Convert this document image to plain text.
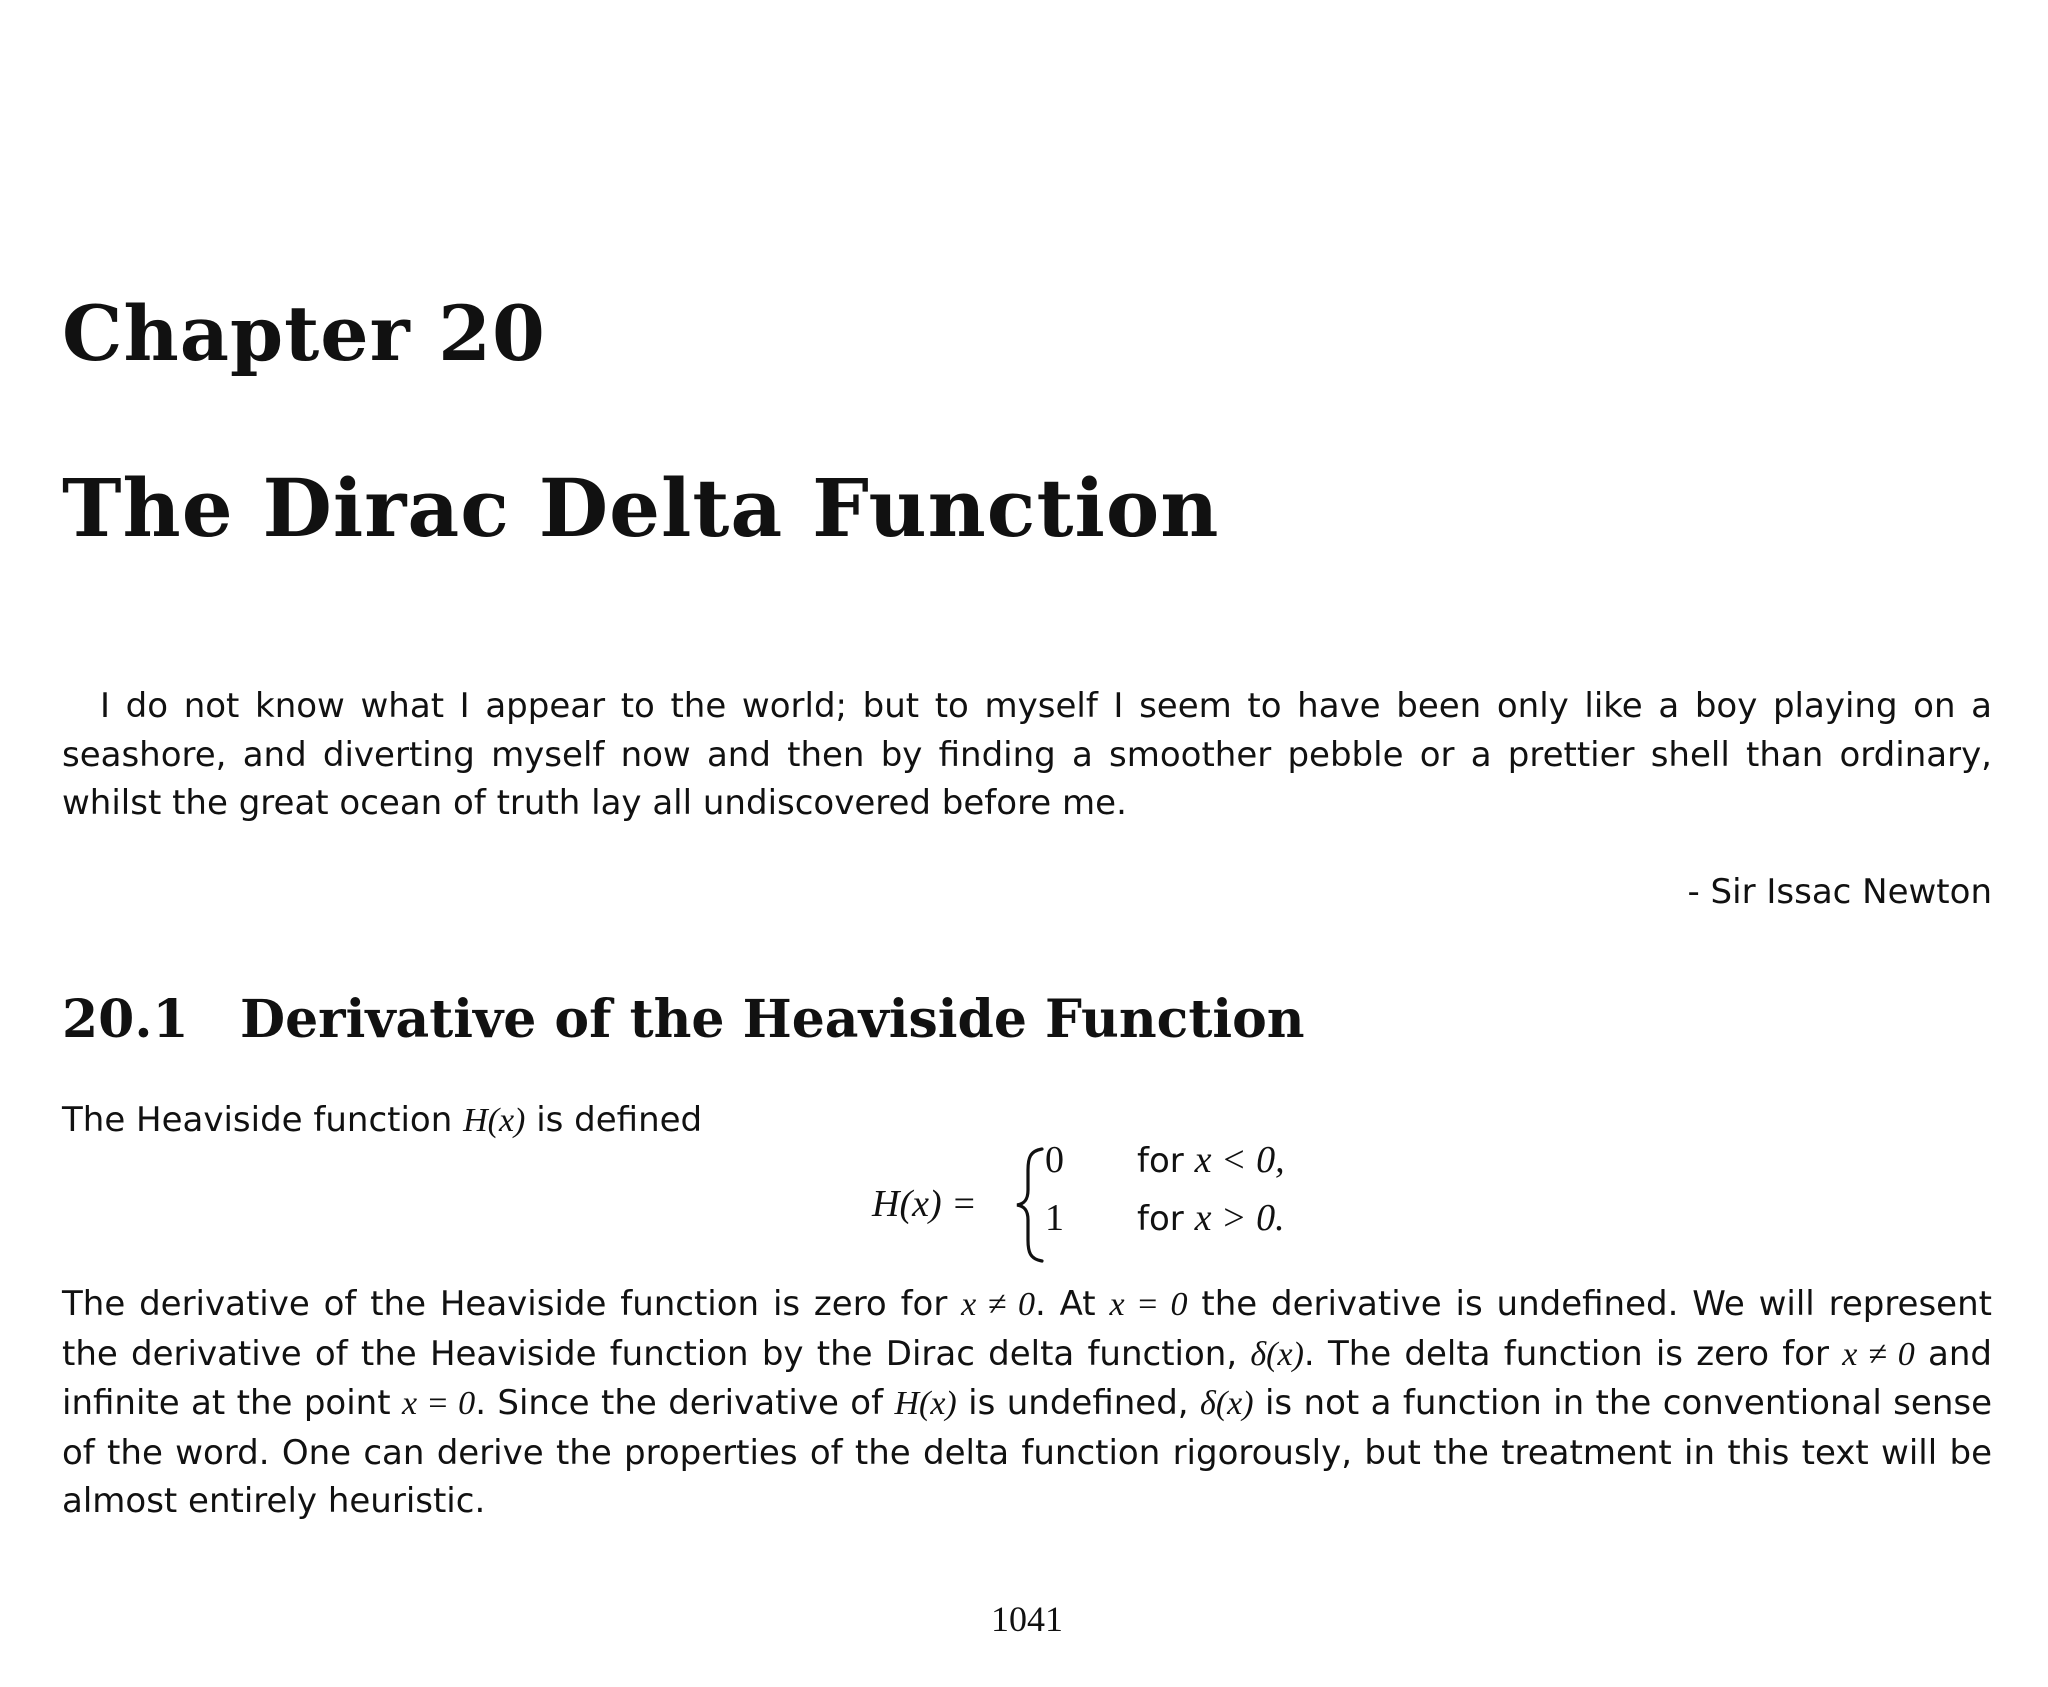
Chapter 20
The Dirac Delta Function
I do not know what I appear to the world; but to myself I seem to have been only like a boy playing on a seashore, and diverting myself now and then by finding a smoother pebble or a prettier shell than ordinary, whilst the great ocean of truth lay all undiscovered before me.
- Sir Issac Newton
20.1 Derivative of the Heaviside Function
The Heaviside function H(x) is defined
H(x) =
0 for x < 0,
1 for x > 0.
The derivative of the Heaviside function is zero for x ≠ 0. At x = 0 the derivative is undefined. We will represent the derivative of the Heaviside function by the Dirac delta function, δ(x). The delta function is zero for x ≠ 0 and infinite at the point x = 0. Since the derivative of H(x) is undefined, δ(x) is not a function in the conventional sense of the word. One can derive the properties of the delta function rigorously, but the treatment in this text will be almost entirely heuristic.
1041
